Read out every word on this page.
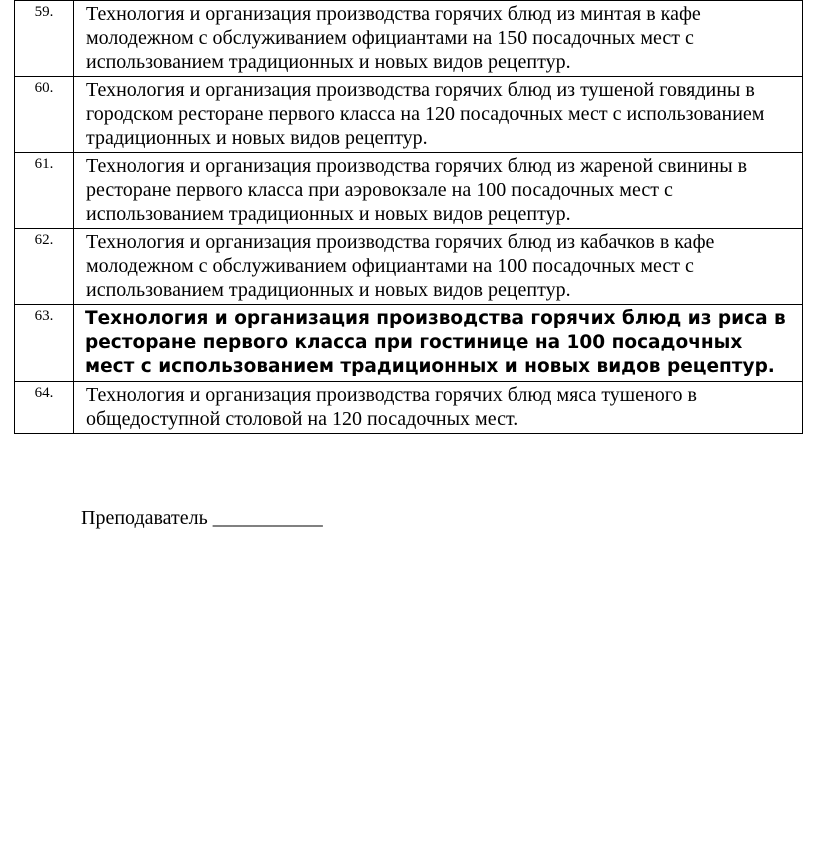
59.	Технология и организация производства горячих блюд из минтая в кафе молодежном с обслуживанием официантами на 150 посадочных мест с использованием традиционных и новых видов рецептур.
60.	Технология и организация производства горячих блюд из тушеной говядины в городском ресторане первого класса на 120 посадочных мест с использованием традиционных и новых видов рецептур.
61.	Технология и организация производства горячих блюд из жареной свинины в ресторане первого класса при аэровокзале на 100 посадочных мест с использованием традиционных и новых видов рецептур.
62.	Технология и организация производства горячих блюд из кабачков в кафе молодежном с обслуживанием официантами на 100 посадочных мест с использованием традиционных и новых видов рецептур.
63.	Технология и организация производства горячих блюд из риса в ресторане первого класса при гостинице на 100 посадочных мест с использованием традиционных и новых видов рецептур.
64.	Технология и организация производства горячих блюд мяса тушеного в общедоступной столовой на 120 посадочных мест.
Преподаватель ___________
